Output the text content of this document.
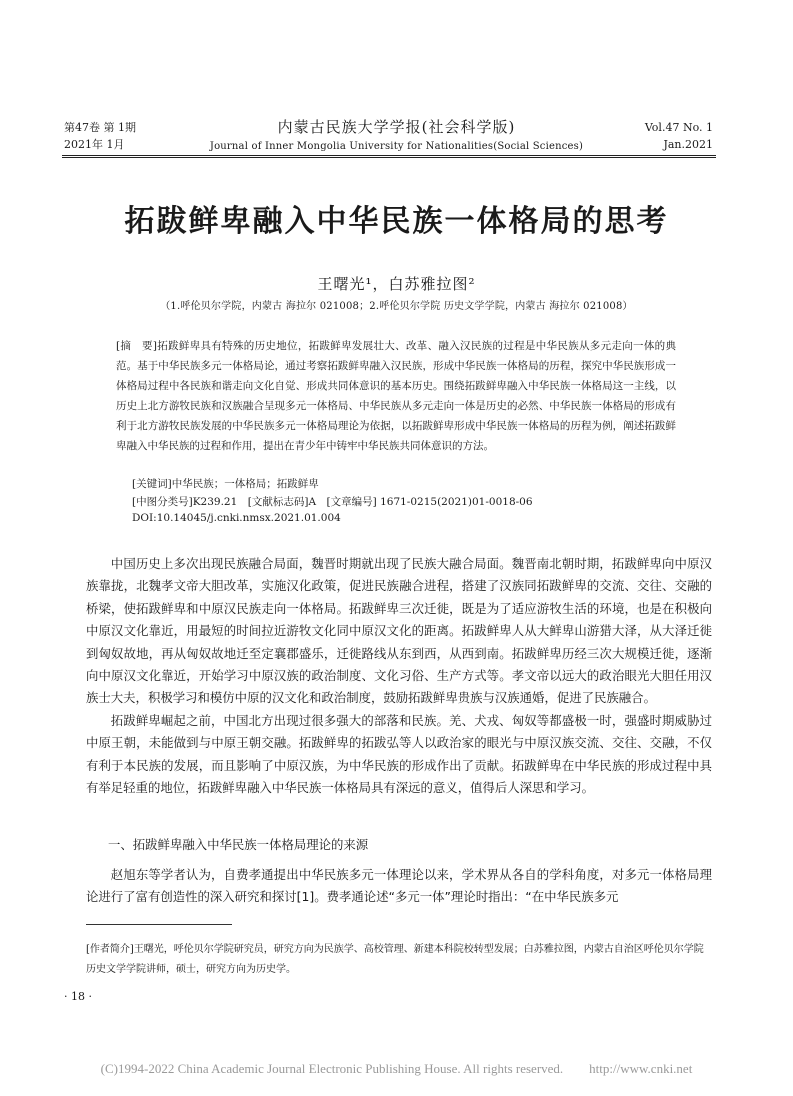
第47卷 第 1期
2021年 1月
内蒙古民族大学学报(社会科学版)
Journal of Inner Mongolia University for Nationalities(Social Sciences)
Vol.47 No. 1
Jan.2021
拓跋鲜卑融入中华民族一体格局的思考
王曙光¹，白苏雅拉图²
（1.呼伦贝尔学院，内蒙古 海拉尔 021008；2.呼伦贝尔学院 历史文学学院，内蒙古 海拉尔 021008）
[摘　要]拓跋鲜卑具有特殊的历史地位，拓跋鲜卑发展壮大、改革、融入汉民族的过程是中华民族从多元走向一体的典范。基于中华民族多元一体格局论，通过考察拓跋鲜卑融入汉民族，形成中华民族一体格局的历程，探究中华民族形成一体格局过程中各民族和谐走向文化自觉、形成共同体意识的基本历史。围绕拓跋鲜卑融入中华民族一体格局这一主线，以历史上北方游牧民族和汉族融合呈现多元一体格局、中华民族从多元走向一体是历史的必然、中华民族一体格局的形成有利于北方游牧民族发展的中华民族多元一体格局理论为依据，以拓跋鲜卑形成中华民族一体格局的历程为例，阐述拓跋鲜卑融入中华民族的过程和作用，提出在青少年中铸牢中华民族共同体意识的方法。
[关键词]中华民族；一体格局；拓跋鲜卑
[中图分类号]K239.21　[文献标志码]A　[文章编号] 1671-0215(2021)01-0018-06
DOI:10.14045/j.cnki.nmsx.2021.01.004

中国历史上多次出现民族融合局面，魏晋时期就出现了民族大融合局面。魏晋南北朝时期，拓跋鲜卑向中原汉族靠拢，北魏孝文帝大胆改革，实施汉化政策，促进民族融合进程，搭建了汉族同拓跋鲜卑的交流、交往、交融的桥梁，使拓跋鲜卑和中原汉民族走向一体格局。拓跋鲜卑三次迁徙，既是为了适应游牧生活的环境，也是在积极向中原汉文化靠近，用最短的时间拉近游牧文化同中原汉文化的距离。拓跋鲜卑人从大鲜卑山游猎大泽，从大泽迁徙到匈奴故地，再从匈奴故地迁至定襄郡盛乐，迁徙路线从东到西，从西到南。拓跋鲜卑历经三次大规模迁徙，逐渐向中原汉文化靠近，开始学习中原汉族的政治制度、文化习俗、生产方式等。孝文帝以远大的政治眼光大胆任用汉族士大夫，积极学习和模仿中原的汉文化和政治制度，鼓励拓跋鲜卑贵族与汉族通婚，促进了民族融合。

拓跋鲜卑崛起之前，中国北方出现过很多强大的部落和民族。羌、犬戎、匈奴等都盛极一时，强盛时期威胁过中原王朝，未能做到与中原王朝交融。拓跋鲜卑的拓跋弘等人以政治家的眼光与中原汉族交流、交往、交融，不仅有利于本民族的发展，而且影响了中原汉族，为中华民族的形成作出了贡献。拓跋鲜卑在中华民族的形成过程中具有举足轻重的地位，拓跋鲜卑融入中华民族一体格局具有深远的意义，值得后人深思和学习。

一、拓跋鲜卑融入中华民族一体格局理论的来源

赵旭东等学者认为，自费孝通提出中华民族多元一体理论以来，学术界从各自的学科角度，对多元一体格局理论进行了富有创造性的深入研究和探讨[1]。费孝通论述“多元一体”理论时指出：“在中华民族多元

[作者简介]王曙光，呼伦贝尔学院研究员，研究方向为民族学、高校管理、新建本科院校转型发展；白苏雅拉图，内蒙古自治区呼伦贝尔学院历史文学学院讲师，硕士，研究方向为历史学。
· 18 ·
(C)1994-2022 China Academic Journal Electronic Publishing House. All rights reserved.　　http://www.cnki.net
